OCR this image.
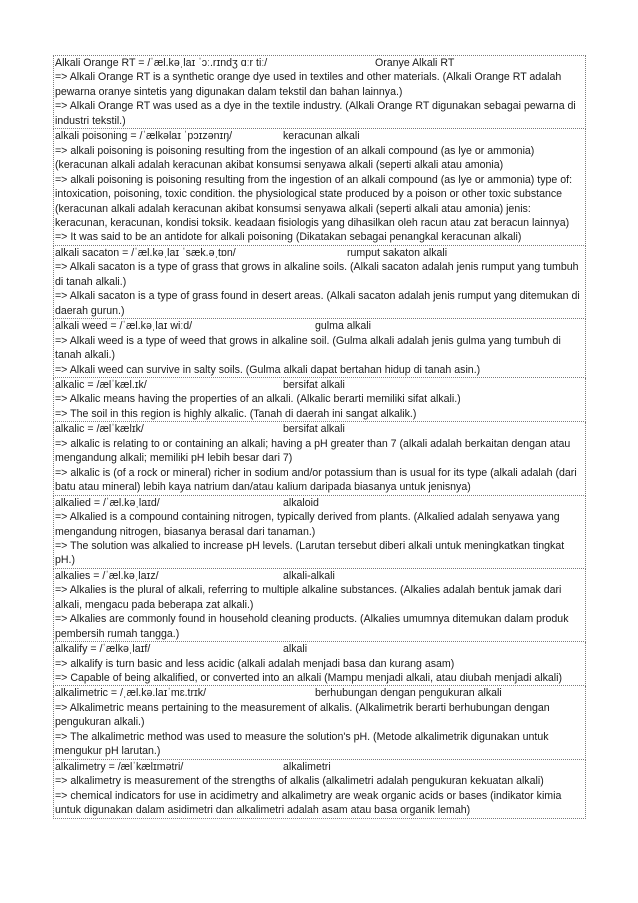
Alkali Orange RT = /ˈæl.kəˌlaɪ ˈɔː.rɪndʒ ɑːr tiː/	Oranye Alkali RT

=> Alkali Orange RT is a synthetic orange dye used in textiles and other materials. (Alkali Orange RT adalah pewarna oranye sintetis yang digunakan dalam tekstil dan bahan lainnya.)

=> Alkali Orange RT was used as a dye in the textile industry. (Alkali Orange RT digunakan sebagai pewarna di industri tekstil.)

alkali poisoning = /ˈælkəlaɪ ˈpɔɪzənɪŋ/	keracunan alkali

=> alkali poisoning is poisoning resulting from the ingestion of an alkali compound (as lye or ammonia) (keracunan alkali adalah keracunan akibat konsumsi senyawa alkali (seperti alkali atau amonia)

=> alkali poisoning is poisoning resulting from the ingestion of an alkali compound (as lye or ammonia) type of: intoxication, poisoning, toxic condition. the physiological state produced by a poison or other toxic substance (keracunan alkali adalah keracunan akibat konsumsi senyawa alkali (seperti alkali atau amonia) jenis: keracunan, keracunan, kondisi toksik. keadaan fisiologis yang dihasilkan oleh racun atau zat beracun lainnya)

=> It was said to be an antidote for alkali poisoning (Dikatakan sebagai penangkal keracunan alkali)

alkali sacaton = /ˈæl.kəˌlaɪ ˈsæk.əˌtɒn/	rumput sakaton alkali

=> Alkali sacaton is a type of grass that grows in alkaline soils. (Alkali sacaton adalah jenis rumput yang tumbuh di tanah alkali.)

=> Alkali sacaton is a type of grass found in desert areas. (Alkali sacaton adalah jenis rumput yang ditemukan di daerah gurun.)

alkali weed = /ˈæl.kəˌlaɪ wiːd/	gulma alkali

=> Alkali weed is a type of weed that grows in alkaline soil. (Gulma alkali adalah jenis gulma yang tumbuh di tanah alkali.)

=> Alkali weed can survive in salty soils. (Gulma alkali dapat bertahan hidup di tanah asin.)

alkalic = /ælˈkæl.ɪk/	bersifat alkali

=> Alkalic means having the properties of an alkali. (Alkalic berarti memiliki sifat alkali.)

=> The soil in this region is highly alkalic. (Tanah di daerah ini sangat alkalik.)

alkalic = /ælˈkælɪk/	bersifat alkali

=> alkalic is relating to or containing an alkali; having a pH greater than 7 (alkali adalah berkaitan dengan atau mengandung alkali; memiliki pH lebih besar dari 7)

=> alkalic is (of a rock or mineral) richer in sodium and/or potassium than is usual for its type (alkali adalah (dari batu atau mineral) lebih kaya natrium dan/atau kalium daripada biasanya untuk jenisnya)

alkalied = /ˈæl.kəˌlaɪd/	alkaloid

=> Alkalied is a compound containing nitrogen, typically derived from plants. (Alkalied adalah senyawa yang mengandung nitrogen, biasanya berasal dari tanaman.)

=> The solution was alkalied to increase pH levels. (Larutan tersebut diberi alkali untuk meningkatkan tingkat pH.)

alkalies = /ˈæl.kəˌlaɪz/	alkali-alkali

=> Alkalies is the plural of alkali, referring to multiple alkaline substances. (Alkalies adalah bentuk jamak dari alkali, mengacu pada beberapa zat alkali.)

=> Alkalies are commonly found in household cleaning products. (Alkalies umumnya ditemukan dalam produk pembersih rumah tangga.)

alkalify = /ˈælkəˌlaɪf/	alkali

=> alkalify is turn basic and less acidic (alkali adalah menjadi basa dan kurang asam)

=> Capable of being alkalified, or converted into an alkali (Mampu menjadi alkali, atau diubah menjadi alkali)

alkalimetric = /ˌæl.kə.laɪˈmɛ.trɪk/	berhubungan dengan pengukuran alkali

=> Alkalimetric means pertaining to the measurement of alkalis. (Alkalimetrik berarti berhubungan dengan pengukuran alkali.)

=> The alkalimetric method was used to measure the solution's pH. (Metode alkalimetrik digunakan untuk mengukur pH larutan.)

alkalimetry = /ælˈkælɪmətri/	alkalimetri

=> alkalimetry is measurement of the strengths of alkalis (alkalimetri adalah pengukuran kekuatan alkali)

=> chemical indicators for use in acidimetry and alkalimetry are weak organic acids or bases (indikator kimia untuk digunakan dalam asidimetri dan alkalimetri adalah asam atau basa organik lemah)
